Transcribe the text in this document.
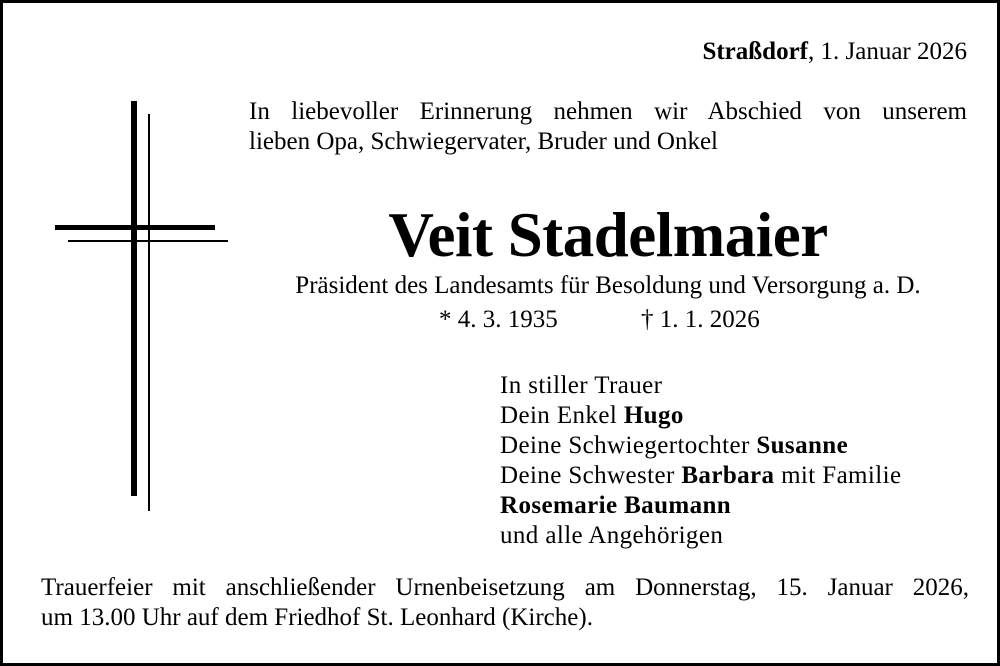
Straßdorf, 1. Januar 2026
In liebevoller Erinnerung nehmen wir Abschied von unserem
lieben Opa, Schwiegervater, Bruder und Onkel
Veit Stadelmaier
Präsident des Landesamts für Besoldung und Versorgung a. D.
* 4. 3. 1935	† 1. 1. 2026
In stiller Trauer
Dein Enkel Hugo
Deine Schwiegertochter Susanne
Deine Schwester Barbara mit Familie
Rosemarie Baumann
und alle Angehörigen
Trauerfeier mit anschließender Urnenbeisetzung am Donnerstag, 15. Januar 2026,
um 13.00 Uhr auf dem Friedhof St. Leonhard (Kirche).
